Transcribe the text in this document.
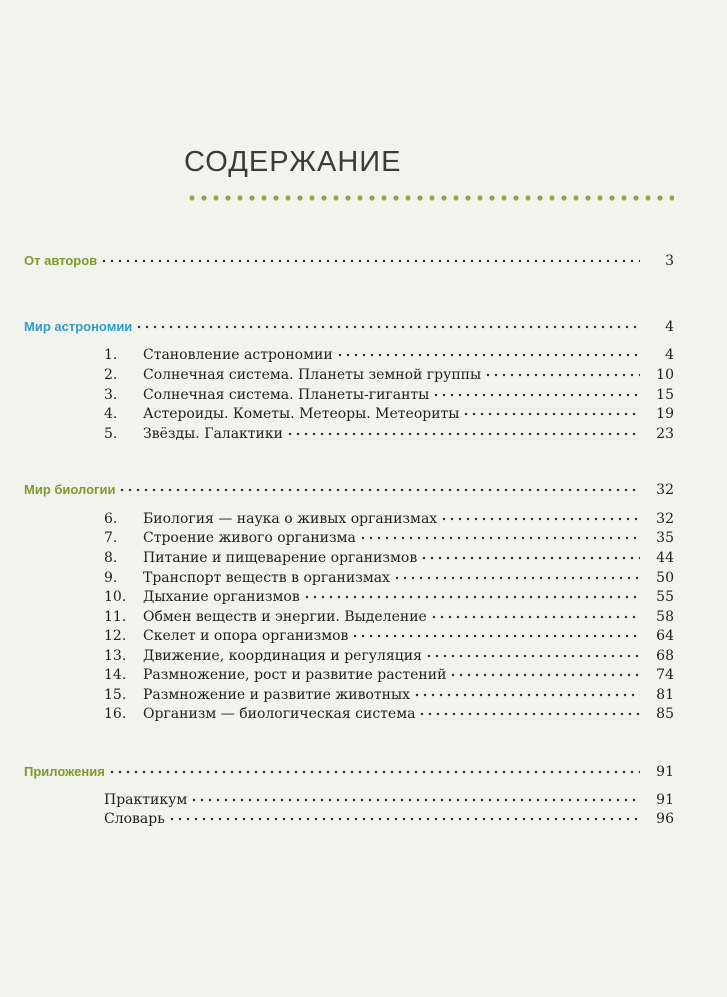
СОДЕРЖАНИЕ
От авторов	3
Мир астрономии	4
1.	Становление астрономии	4
2.	Солнечная система. Планеты земной группы	10
3.	Солнечная система. Планеты-гиганты	15
4.	Астероиды. Кометы. Метеоры. Метеориты	19
5.	Звёзды. Галактики	23
Мир биологии	32
6.	Биология — наука о живых организмах	32
7.	Строение живого организма	35
8.	Питание и пищеварение организмов	44
9.	Транспорт веществ в организмах	50
10.	Дыхание организмов	55
11.	Обмен веществ и энергии. Выделение	58
12.	Скелет и опора организмов	64
13.	Движение, координация и регуляция	68
14.	Размножение, рост и развитие растений	74
15.	Размножение и развитие животных	81
16.	Организм — биологическая система	85
Приложения	91
Практикум	91
Словарь	96
